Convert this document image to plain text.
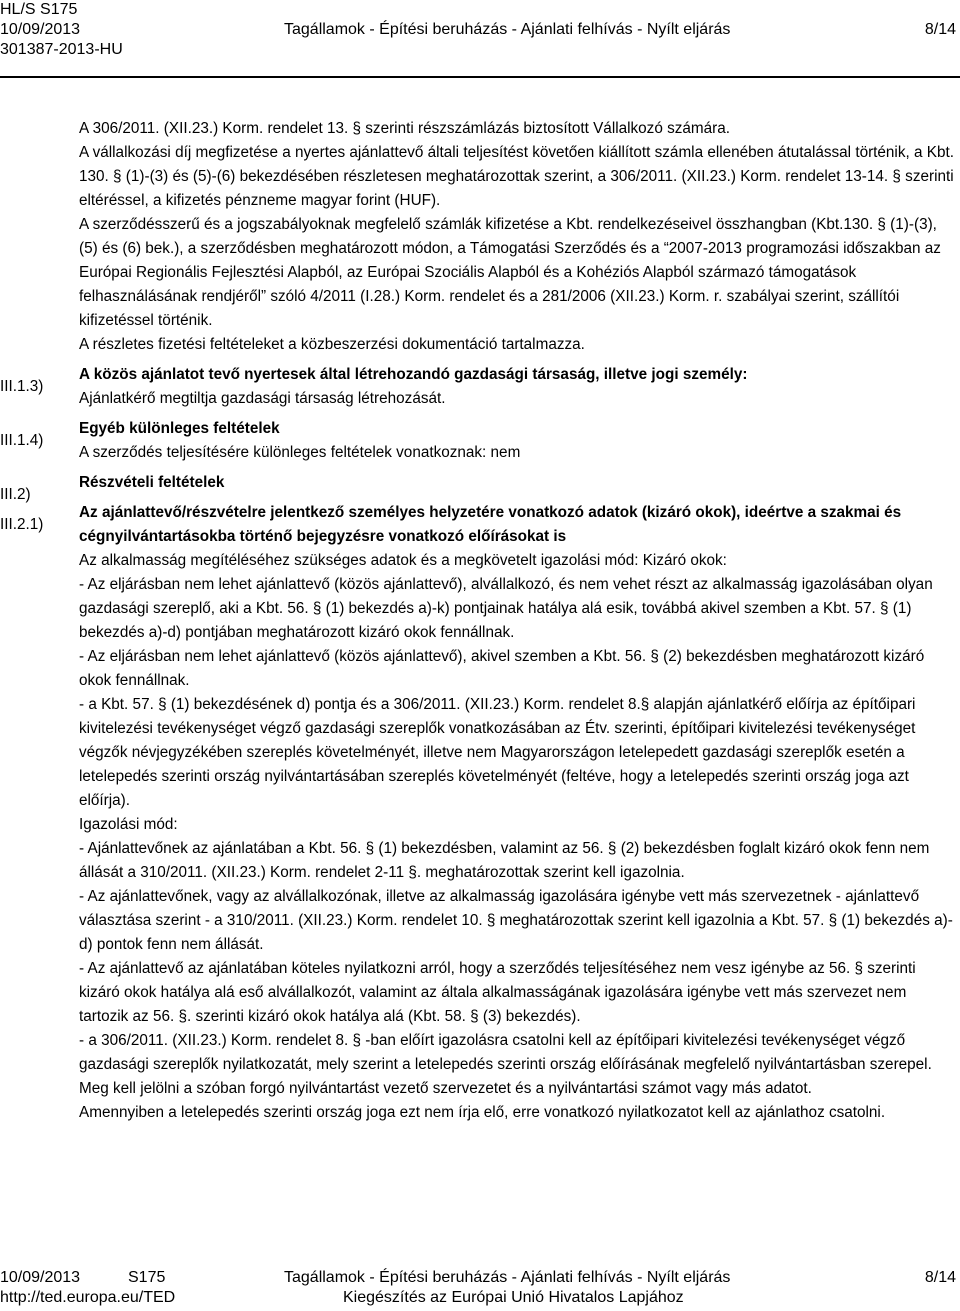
HL/S S175
10/09/2013	Tagállamok - Építési beruházás - Ajánlati felhívás - Nyílt eljárás	8/14
301387-2013-HU
III.1.3)
III.1.4)
III.2)
III.2.1)

A 306/2011. (XII.23.) Korm. rendelet 13. § szerinti részszámlázás biztosított Vállalkozó számára.

A vállalkozási díj megfizetése a nyertes ajánlattevő általi teljesítést követően kiállított számla ellenében átutalással történik, a Kbt. 130. § (1)-(3) és (5)-(6) bekezdésében részletesen meghatározottak szerint, a 306/2011. (XII.23.) Korm. rendelet 13-14. § szerinti eltéréssel, a kifizetés pénzneme magyar forint (HUF).

A szerződésszerű és a jogszabályoknak megfelelő számlák kifizetése a Kbt. rendelkezéseivel összhangban (Kbt.130. § (1)-(3), (5) és (6) bek.), a szerződésben meghatározott módon, a Támogatási Szerződés és a “2007-2013 programozási időszakban az Európai Regionális Fejlesztési Alapból, az Európai Szociális Alapból és a Kohéziós Alapból származó támogatások felhasználásának rendjéről” szóló 4/2011 (I.28.) Korm. rendelet és a 281/2006 (XII.23.) Korm. r. szabályai szerint, szállítói kifizetéssel történik.

A részletes fizetési feltételeket a közbeszerzési dokumentáció tartalmazza.

A közös ajánlatot tevő nyertesek által létrehozandó gazdasági társaság, illetve jogi személy:

Ajánlatkérő megtiltja gazdasági társaság létrehozását.

Egyéb különleges feltételek

A szerződés teljesítésére különleges feltételek vonatkoznak: nem

Részvételi feltételek

Az ajánlattevő/részvételre jelentkező személyes helyzetére vonatkozó adatok (kizáró okok), ideértve a szakmai és cégnyilvántartásokba történő bejegyzésre vonatkozó előírásokat is

Az alkalmasság megítéléséhez szükséges adatok és a megkövetelt igazolási mód: Kizáró okok:

- Az eljárásban nem lehet ajánlattevő (közös ajánlattevő), alvállalkozó, és nem vehet részt az alkalmasság igazolásában olyan gazdasági szereplő, aki a Kbt. 56. § (1) bekezdés a)-k) pontjainak hatálya alá esik, továbbá akivel szemben a Kbt. 57. § (1) bekezdés a)-d) pontjában meghatározott kizáró okok fennállnak.

- Az eljárásban nem lehet ajánlattevő (közös ajánlattevő), akivel szemben a Kbt. 56. § (2) bekezdésben meghatározott kizáró okok fennállnak.

- a Kbt. 57. § (1) bekezdésének d) pontja és a 306/2011. (XII.23.) Korm. rendelet 8.§ alapján ajánlatkérő előírja az építőipari kivitelezési tevékenységet végző gazdasági szereplők vonatkozásában az Étv. szerinti, építőipari kivitelezési tevékenységet végzők névjegyzékében szereplés követelményét, illetve nem Magyarországon letelepedett gazdasági szereplők esetén a letelepedés szerinti ország nyilvántartásában szereplés követelményét (feltéve, hogy a letelepedés szerinti ország joga azt előírja).

Igazolási mód:

- Ajánlattevőnek az ajánlatában a Kbt. 56. § (1) bekezdésben, valamint az 56. § (2) bekezdésben foglalt kizáró okok fenn nem állását a 310/2011. (XII.23.) Korm. rendelet 2-11 §. meghatározottak szerint kell igazolnia.

- Az ajánlattevőnek, vagy az alvállalkozónak, illetve az alkalmasság igazolására igénybe vett más szervezetnek - ajánlattevő választása szerint - a 310/2011. (XII.23.) Korm. rendelet 10. § meghatározottak szerint kell igazolnia a Kbt. 57. § (1) bekezdés a)-d) pontok fenn nem állását.

- Az ajánlattevő az ajánlatában köteles nyilatkozni arról, hogy a szerződés teljesítéséhez nem vesz igénybe az 56. § szerinti kizáró okok hatálya alá eső alvállalkozót, valamint az általa alkalmasságának igazolására igénybe vett más szervezet nem tartozik az 56. §. szerinti kizáró okok hatálya alá (Kbt. 58. § (3) bekezdés).

- a 306/2011. (XII.23.) Korm. rendelet 8. § -ban előírt igazolásra csatolni kell az építőipari kivitelezési tevékenységet végző gazdasági szereplők nyilatkozatát, mely szerint a letelepedés szerinti ország előírásának megfelelő nyilvántartásban szerepel. Meg kell jelölni a szóban forgó nyilvántartást vezető szervezetet és a nyilvántartási számot vagy más adatot.

Amennyiben a letelepedés szerinti ország joga ezt nem írja elő, erre vonatkozó nyilatkozatot kell az ajánlathoz csatolni.

10/09/2013	S175	Tagállamok - Építési beruházás - Ajánlati felhívás - Nyílt eljárás	8/14
http://ted.europa.eu/TED	Kiegészítés az Európai Unió Hivatalos Lapjához
